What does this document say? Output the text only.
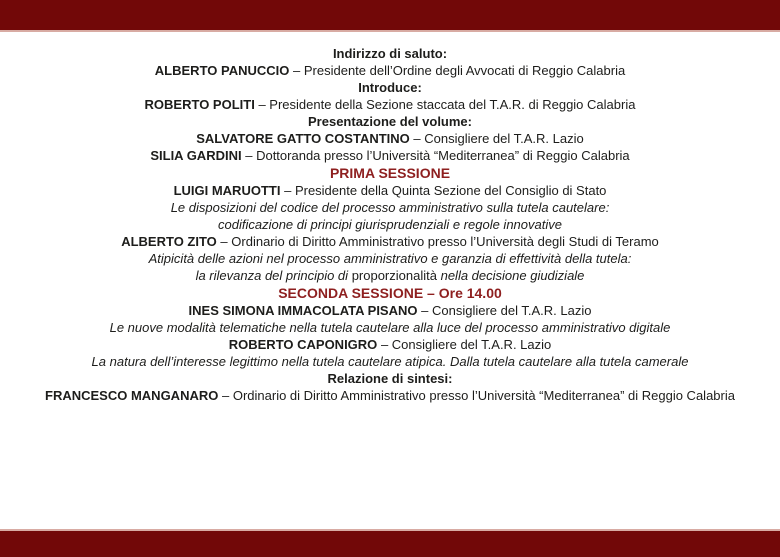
Indirizzo di saluto:

ALBERTO PANUCCIO – Presidente dell’Ordine degli Avvocati di Reggio Calabria

Introduce:

ROBERTO POLITI – Presidente della Sezione staccata del T.A.R. di Reggio Calabria

Presentazione del volume:

SALVATORE GATTO COSTANTINO – Consigliere del T.A.R. Lazio

SILIA GARDINI – Dottoranda presso l’Università “Mediterranea” di Reggio Calabria

PRIMA SESSIONE

LUIGI MARUOTTI – Presidente della Quinta Sezione del Consiglio di Stato

Le disposizioni del codice del processo amministrativo sulla tutela cautelare:

codificazione di principi giurisprudenziali e regole innovative

ALBERTO ZITO – Ordinario di Diritto Amministrativo presso l’Università degli Studi di Teramo

Atipicità delle azioni nel processo amministrativo e garanzia di effettività della tutela:

la rilevanza del principio di proporzionalità nella decisione giudiziale

SECONDA SESSIONE – Ore 14.00

INES SIMONA IMMACOLATA PISANO – Consigliere del T.A.R. Lazio

Le nuove modalità telematiche nella tutela cautelare alla luce del processo amministrativo digitale

ROBERTO CAPONIGRO – Consigliere del T.A.R. Lazio

La natura dell’interesse legittimo nella tutela cautelare atipica. Dalla tutela cautelare alla tutela camerale

Relazione di sintesi:

FRANCESCO MANGANARO – Ordinario di Diritto Amministrativo presso l’Università “Mediterranea” di Reggio Calabria
